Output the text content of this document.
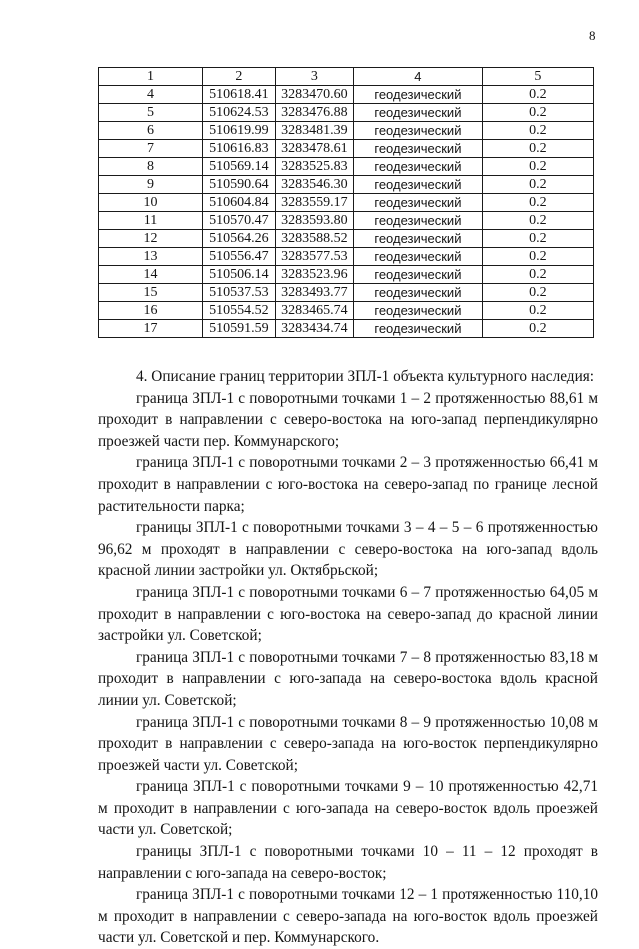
8
1	2	3	4	5
4	510618.41	3283470.60	геодезический	0.2
5	510624.53	3283476.88	геодезический	0.2
6	510619.99	3283481.39	геодезический	0.2
7	510616.83	3283478.61	геодезический	0.2
8	510569.14	3283525.83	геодезический	0.2
9	510590.64	3283546.30	геодезический	0.2
10	510604.84	3283559.17	геодезический	0.2
11	510570.47	3283593.80	геодезический	0.2
12	510564.26	3283588.52	геодезический	0.2
13	510556.47	3283577.53	геодезический	0.2
14	510506.14	3283523.96	геодезический	0.2
15	510537.53	3283493.77	геодезический	0.2
16	510554.52	3283465.74	геодезический	0.2
17	510591.59	3283434.74	геодезический	0.2

4. Описание границ территории ЗПЛ-1 объекта культурного наследия:

граница ЗПЛ-1 с поворотными точками 1 – 2 протяженностью 88,61 м проходит в направлении с северо-востока на юго-запад перпендикулярно проезжей части пер. Коммунарского;

граница ЗПЛ-1 с поворотными точками 2 – 3 протяженностью 66,41 м проходит в направлении с юго-востока на северо-запад по границе лесной растительности парка;

границы ЗПЛ-1 с поворотными точками 3 – 4 – 5 – 6 протяженностью 96,62 м проходят в направлении с северо-востока на юго-запад вдоль красной линии застройки ул. Октябрьской;

граница ЗПЛ-1 с поворотными точками 6 – 7 протяженностью 64,05 м проходит в направлении с юго-востока на северо-запад до красной линии застройки ул. Советской;

граница ЗПЛ-1 с поворотными точками 7 – 8 протяженностью 83,18 м проходит в направлении с юго-запада на северо-востока вдоль красной линии ул. Советской;

граница ЗПЛ-1 с поворотными точками 8 – 9 протяженностью 10,08 м проходит в направлении с северо-запада на юго-восток перпендикулярно проезжей части ул. Советской;

граница ЗПЛ-1 с поворотными точками 9 – 10 протяженностью 42,71 м проходит в направлении с юго-запада на северо-восток вдоль проезжей части ул. Советской;

границы ЗПЛ-1 с поворотными точками 10 – 11 – 12 проходят в направлении с юго-запада на северо-восток;

граница ЗПЛ-1 с поворотными точками 12 – 1 протяженностью 110,10 м проходит в направлении с северо-запада на юго-восток вдоль проезжей части ул. Советской и пер. Коммунарского.
